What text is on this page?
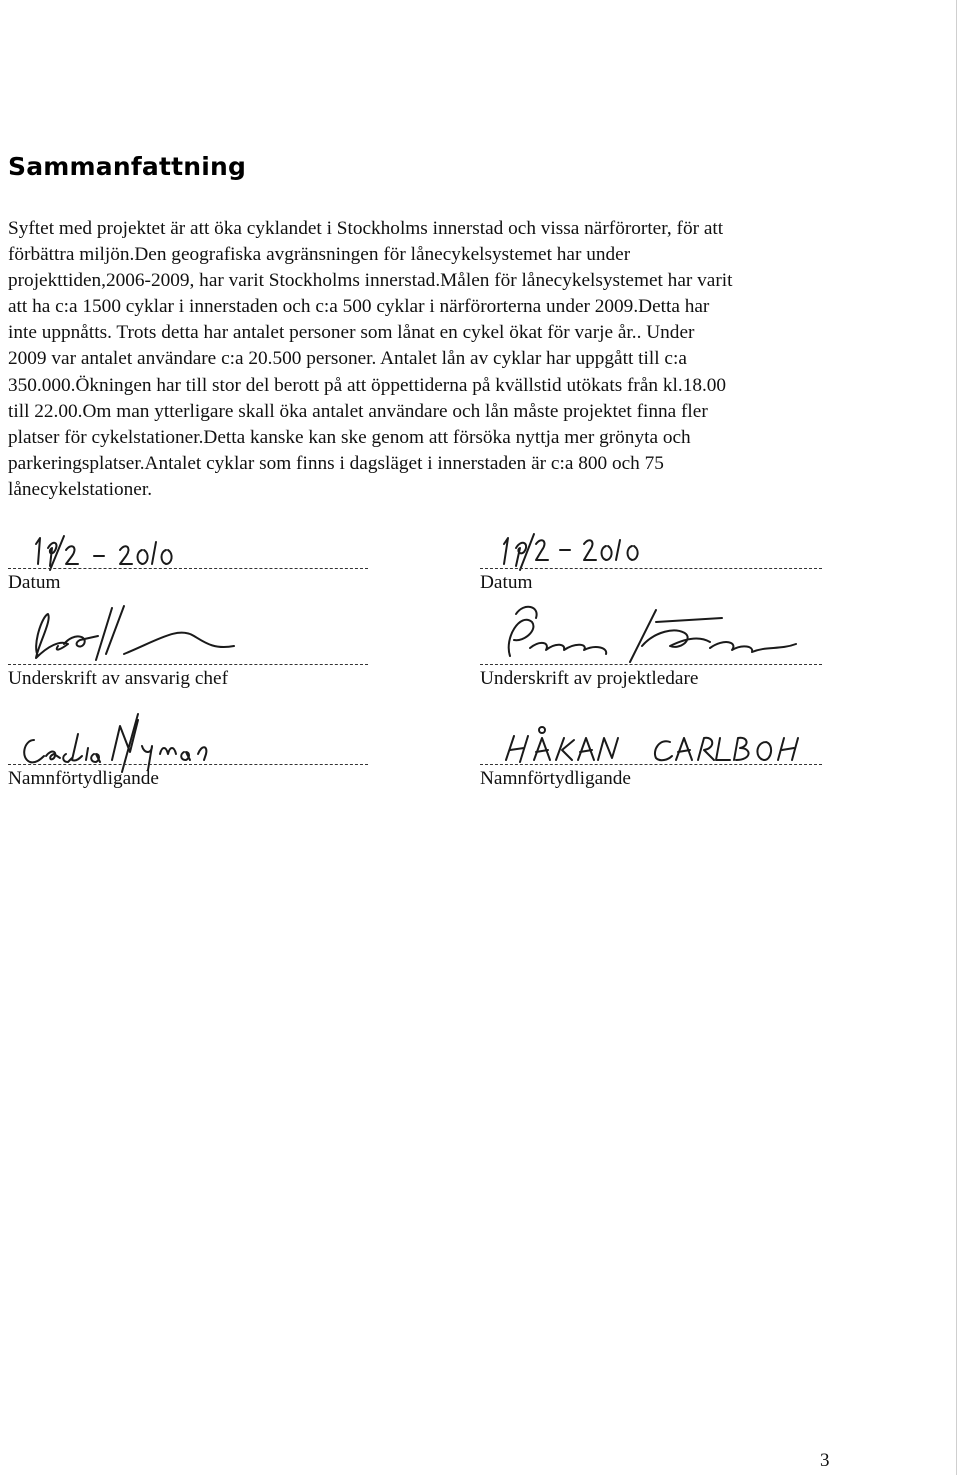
Sammanfattning
Syftet med projektet är att öka cyklandet i Stockholms innerstad och vissa närförorter, för att
förbättra miljön.Den geografiska avgränsningen för lånecykelsystemet har under
projekttiden,2006-2009, har varit Stockholms innerstad.Målen för lånecykelsystemet har varit
att ha c:a 1500 cyklar i innerstaden och c:a 500 cyklar i närförorterna under 2009.Detta har
inte uppnåtts. Trots detta har antalet personer som lånat en cykel ökat för varje år.. Under
2009 var antalet användare c:a 20.500 personer. Antalet lån av cyklar har uppgått till c:a
350.000.Ökningen har till stor del berott på att öppettiderna på kvällstid utökats från kl.18.00
till 22.00.Om man ytterligare skall öka antalet användare och lån måste projektet finna fler
platser för cykelstationer.Detta kanske kan ske genom att försöka nyttja mer grönyta och
parkeringsplatser.Antalet cyklar som finns i dagsläget i innerstaden är c:a 800 och 75
lånecykelstationer.
Datum
Underskrift av ansvarig chef
Namnförtydligande
Datum
Underskrift av projektledare
Namnförtydligande
3
